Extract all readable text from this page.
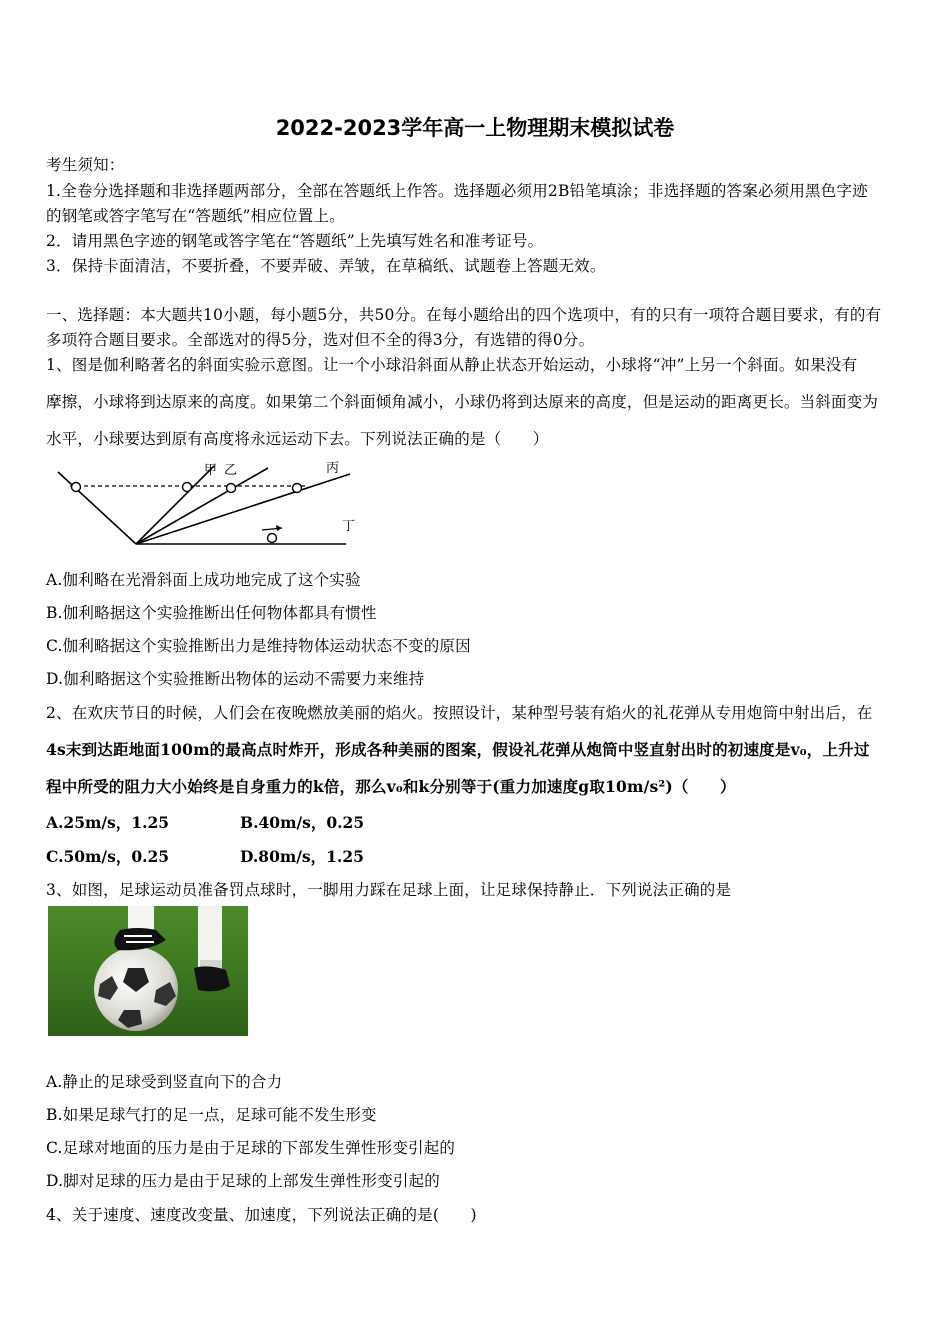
2022-2023学年高一上物理期末模拟试卷
考生须知：
1.全卷分选择题和非选择题两部分，全部在答题纸上作答。选择题必须用2B铅笔填涂；非选择题的答案必须用黑色字迹
的钢笔或答字笔写在“答题纸”相应位置上。
2．请用黑色字迹的钢笔或答字笔在“答题纸”上先填写姓名和准考证号。
3．保持卡面清洁，不要折叠，不要弄破、弄皱，在草稿纸、试题卷上答题无效。
一、选择题：本大题共10小题，每小题5分，共50分。在每小题给出的四个选项中，有的只有一项符合题目要求，有的有
多项符合题目要求。全部选对的得5分，选对但不全的得3分，有选错的得0分。
1、图是伽利略著名的斜面实验示意图。让一个小球沿斜面从静止状态开始运动，小球将“冲”上另一个斜面。如果没有
摩擦，小球将到达原来的高度。如果第二个斜面倾角减小，小球仍将到达原来的高度，但是运动的距离更长。当斜面变为
水平，小球要达到原有高度将永远运动下去。下列说法正确的是（　　）
甲 乙	丙
丁
A.伽利略在光滑斜面上成功地完成了这个实验
B.伽利略据这个实验推断出任何物体都具有惯性
C.伽利略据这个实验推断出力是维持物体运动状态不变的原因
D.伽利略据这个实验推断出物体的运动不需要力来维持
2、在欢庆节日的时候，人们会在夜晚燃放美丽的焰火。按照设计，某种型号装有焰火的礼花弹从专用炮筒中射出后，在
4s末到达距地面100m的最高点时炸开，形成各种美丽的图案，假设礼花弹从炮筒中竖直射出时的初速度是v₀，上升过
程中所受的阻力大小始终是自身重力的k倍，那么v₀和k分别等于(重力加速度g取10m/s²)（　　）
A.25m/s，1.25	B.40m/s，0.25
C.50m/s，0.25	D.80m/s，1.25
3、如图，足球运动员准备罚点球时，一脚用力踩在足球上面，让足球保持静止．下列说法正确的是
A.静止的足球受到竖直向下的合力
B.如果足球气打的足一点，足球可能不发生形变
C.足球对地面的压力是由于足球的下部发生弹性形变引起的
D.脚对足球的压力是由于足球的上部发生弹性形变引起的
4、关于速度、速度改变量、加速度，下列说法正确的是(　　)
